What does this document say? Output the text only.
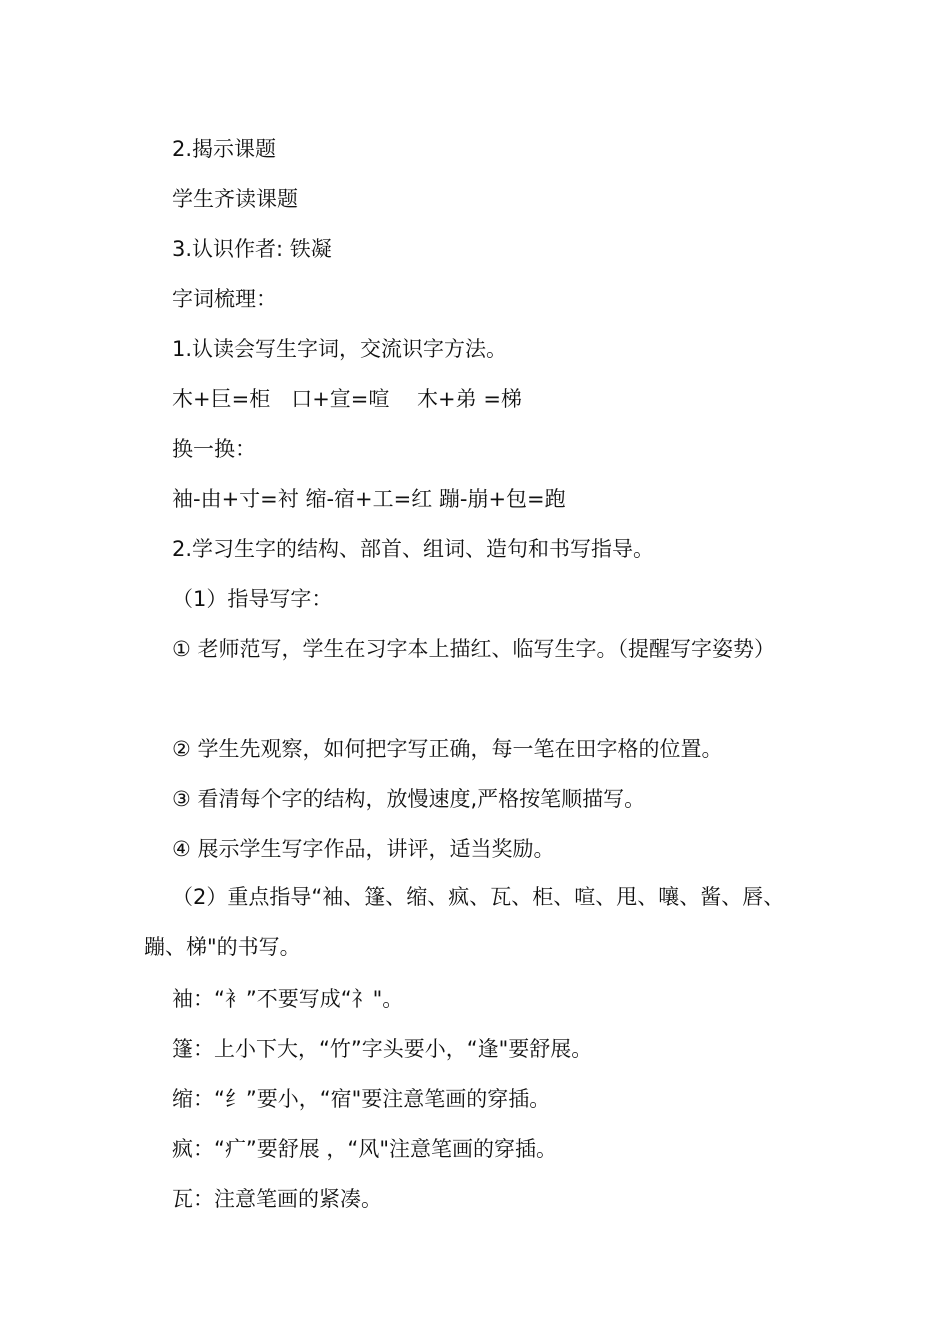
2.揭示课题
学生齐读课题
3.认识作者: 铁凝
字词梳理：
1.认读会写生字词，交流识字方法。
木+巨=柜　口+宣=喧　 木+弟 =梯
换一换：
袖-由+寸=衬 缩-宿+工=红 蹦-崩+包=跑
2.学习生字的结构、部首、组词、造句和书写指导。
（1）指导写字：
① 老师范写，学生在习字本上描红、临写生字。（提醒写字姿势）
② 学生先观察，如何把字写正确，每一笔在田字格的位置。
③ 看清每个字的结构，放慢速度,严格按笔顺描写。
④ 展示学生写字作品，讲评，适当奖励。
（2）重点指导“袖、篷、缩、疯、瓦、柜、喧、甩、嚷、酱、唇、蹦、梯"的书写。
袖：“衤”不要写成“礻"。
篷：上小下大，“竹”字头要小，“逢"要舒展。
缩：“纟”要小，“宿"要注意笔画的穿插。
疯：“疒”要舒展 ，“风"注意笔画的穿插。
瓦：注意笔画的紧凑。
